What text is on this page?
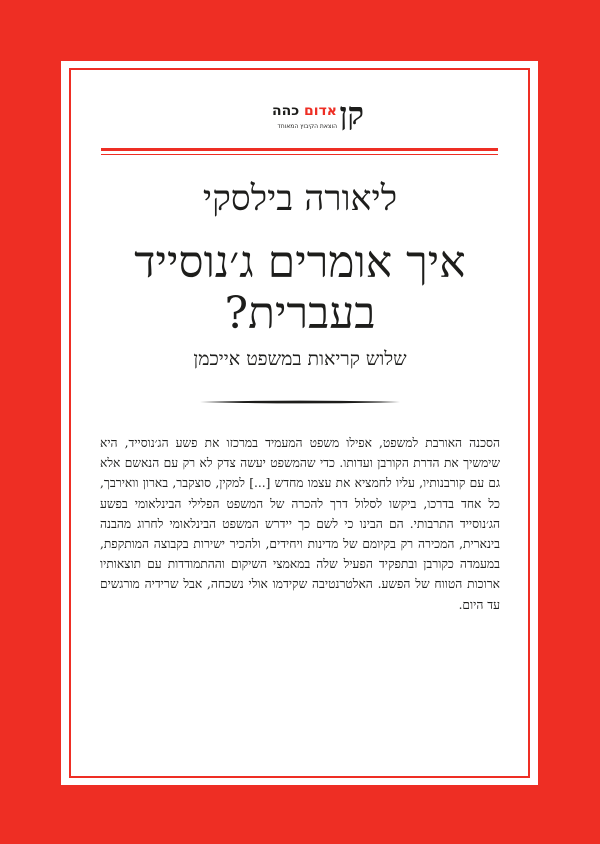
קן
אדום כהה
הוצאת הקיבוץ המאוחד
ליאורה בילסקי
איך אומרים ג׳נוסייד בעברית?
שלוש קריאות במשפט אייכמן
הסכנה האורבת למשפט, אפילו משפט המעמיד במרכזו את פשע הג׳נוסייד, היא שימשיך את הדרת הקורבן ועדותו. כדי שהמשפט יעשה צדק לא רק עם הנאשם אלא גם עם קורבנותיו, עליו לחמציא את עצמו מחדש [...] למקין, סוצקבר, בארון וואירבך, כל אחד בדרכו, ביקשו לסלול דרך להכרה של המשפט הפלילי הבינלאומי בפשע הג׳נוסייד התרבותי. הם הבינו כי לשם כך יידרש המשפט הבינלאומי לחרוג מהבנה בינארית, המכירה רק בקיומם של מדינות ויחידים, ולהכיר ישירות בקבוצה המותקפת, במעמדה כקורבן ובתפקיד הפעיל שלה במאמצי השיקום וההתמודדות עם תוצאותיו ארוכות הטווח של הפשע. האלטרנטיבה שקידמו אולי נשכחה, אבל שרידיה מורגשים עד היום.
